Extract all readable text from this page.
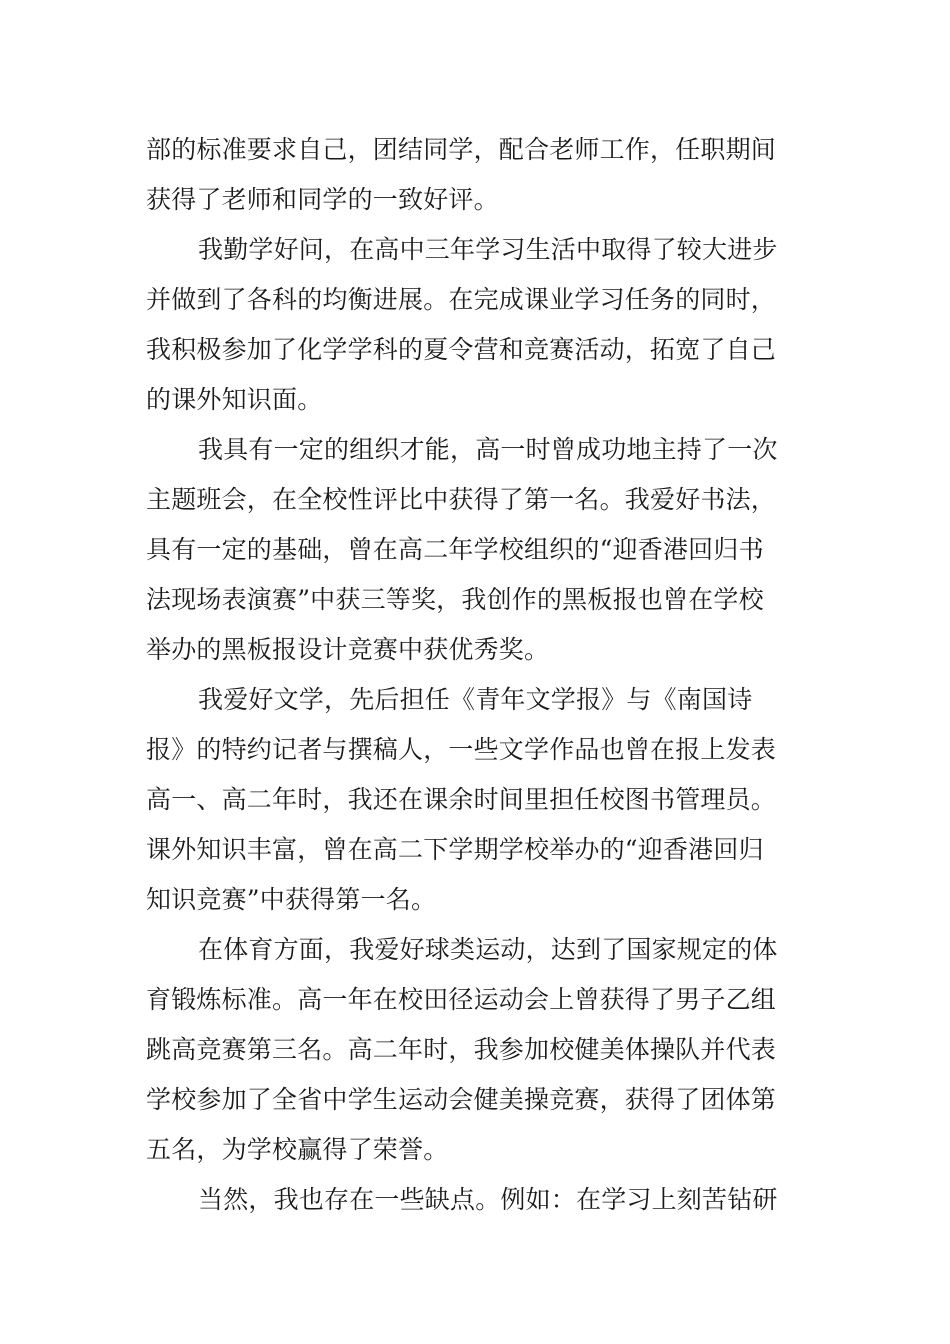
部的标准要求自己，团结同学，配合老师工作，任职期间
获得了老师和同学的一致好评。
我勤学好问，在高中三年学习生活中取得了较大进步
并做到了各科的均衡进展。在完成课业学习任务的同时，
我积极参加了化学学科的夏令营和竞赛活动，拓宽了自己
的课外知识面。
我具有一定的组织才能，高一时曾成功地主持了一次
主题班会，在全校性评比中获得了第一名。我爱好书法，
具有一定的基础，曾在高二年学校组织的“迎香港回归书
法现场表演赛”中获三等奖，我创作的黑板报也曾在学校
举办的黑板报设计竞赛中获优秀奖。
我爱好文学，先后担任《青年文学报》与《南国诗
报》的特约记者与撰稿人，一些文学作品也曾在报上发表
高一、高二年时，我还在课余时间里担任校图书管理员。
课外知识丰富，曾在高二下学期学校举办的“迎香港回归
知识竞赛”中获得第一名。
在体育方面，我爱好球类运动，达到了国家规定的体
育锻炼标准。高一年在校田径运动会上曾获得了男子乙组
跳高竞赛第三名。高二年时，我参加校健美体操队并代表
学校参加了全省中学生运动会健美操竞赛，获得了团体第
五名，为学校赢得了荣誉。
当然，我也存在一些缺点。例如：在学习上刻苦钻研
